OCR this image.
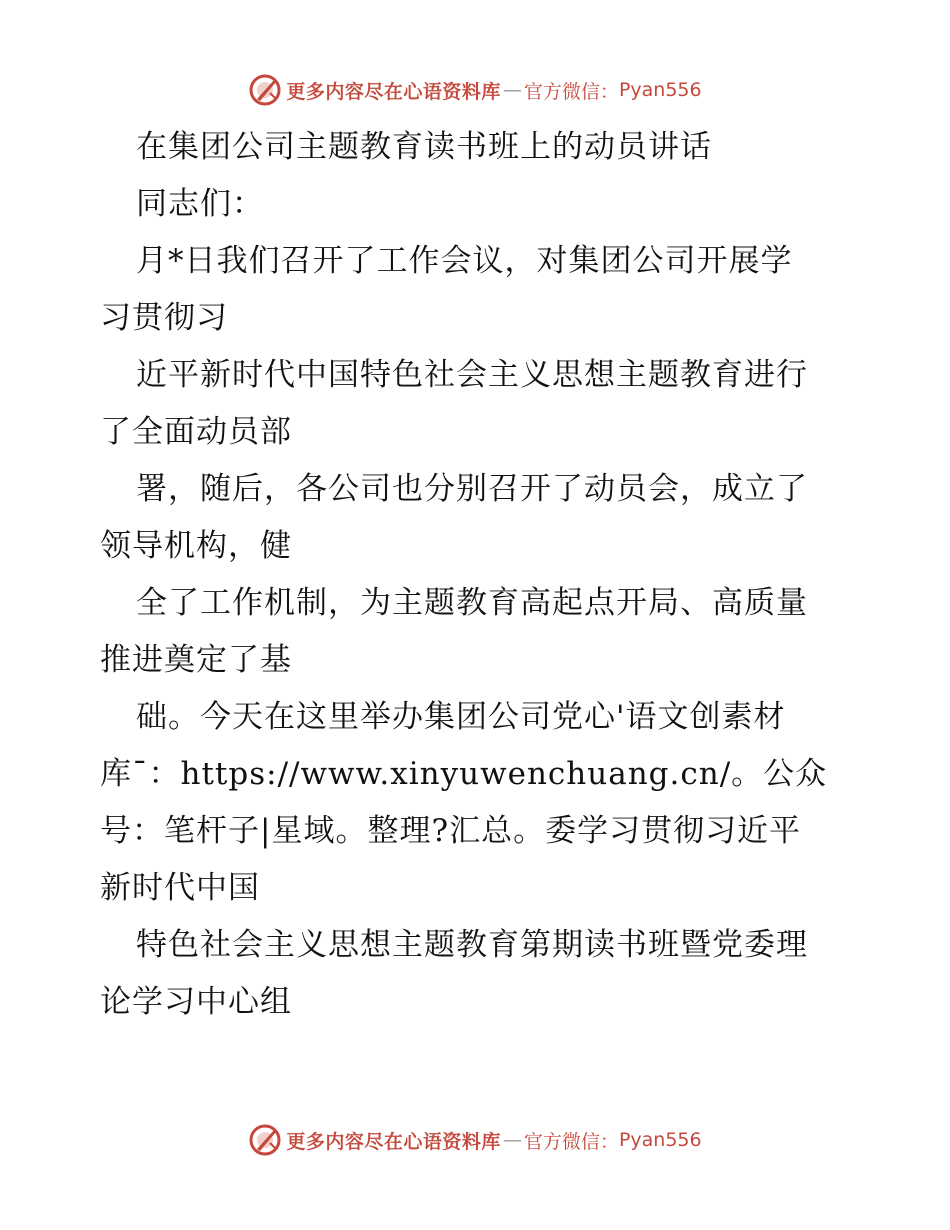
更多内容尽在心语资料库 — 官方微信： Pyan556
在集团公司主题教育读书班上的动员讲话
同志们：
月*日我们召开了工作会议，对集团公司开展学
习贯彻习
近平新时代中国特色社会主义思想主题教育进行
了全面动员部
署，随后，各公司也分别召开了动员会，成立了
领导机构，健
全了工作机制，为主题教育高起点开局、高质量
推进奠定了基
础。今天在这里举办集团公司党心'语文创素材
库¯：https://www.xinyuwenchuang.cn/。公众
号：笔杆子|星域。整理?汇总。委学习贯彻习近平
新时代中国
特色社会主义思想主题教育第期读书班暨党委理
论学习中心组
更多内容尽在心语资料库 — 官方微信： Pyan556
